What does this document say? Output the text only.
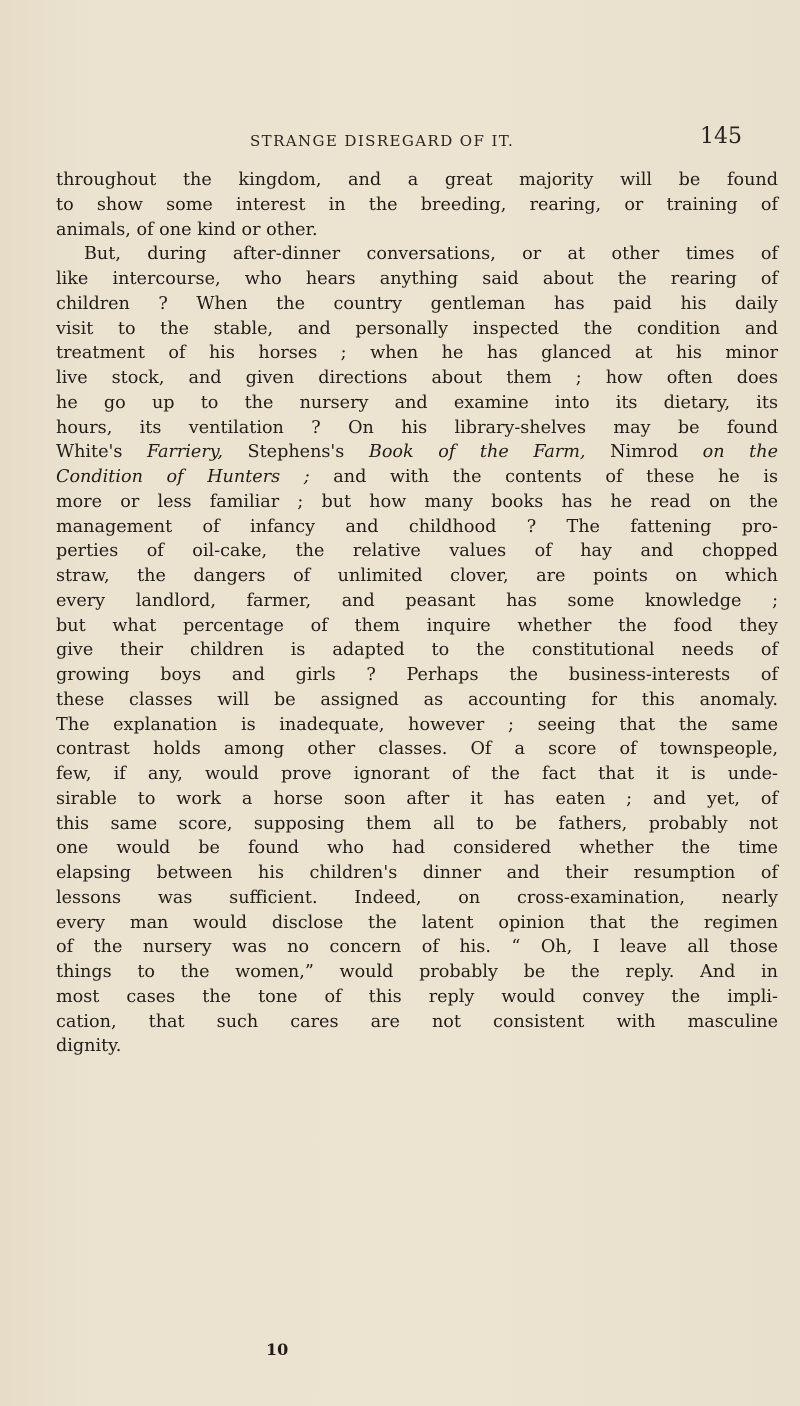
STRANGE DISREGARD OF IT.	145
throughout the kingdom, and a great majority will be found
to show some interest in the breeding, rearing, or training of
animals, of one kind or other.
But, during after-dinner conversations, or at other times of
like intercourse, who hears anything said about the rearing of
children ? When the country gentleman has paid his daily
visit to the stable, and personally inspected the condition and
treatment of his horses ; when he has glanced at his minor
live stock, and given directions about them ; how often does
he go up to the nursery and examine into its dietary, its
hours, its ventilation ? On his library-shelves may be found
White's Farriery, Stephens's Book of the Farm, Nimrod on the
Condition of Hunters ; and with the contents of these he is
more or less familiar ; but how many books has he read on the
management of infancy and childhood ? The fattening pro-
perties of oil-cake, the relative values of hay and chopped
straw, the dangers of unlimited clover, are points on which
every landlord, farmer, and peasant has some knowledge ;
but what percentage of them inquire whether the food they
give their children is adapted to the constitutional needs of
growing boys and girls ? Perhaps the business-interests of
these classes will be assigned as accounting for this anomaly.
The explanation is inadequate, however ; seeing that the same
contrast holds among other classes. Of a score of townspeople,
few, if any, would prove ignorant of the fact that it is unde-
sirable to work a horse soon after it has eaten ; and yet, of
this same score, supposing them all to be fathers, probably not
one would be found who had considered whether the time
elapsing between his children's dinner and their resumption of
lessons was sufficient. Indeed, on cross-examination, nearly
every man would disclose the latent opinion that the regimen
of the nursery was no concern of his. “ Oh, I leave all those
things to the women,” would probably be the reply. And in
most cases the tone of this reply would convey the impli-
cation, that such cares are not consistent with masculine
dignity.
10
